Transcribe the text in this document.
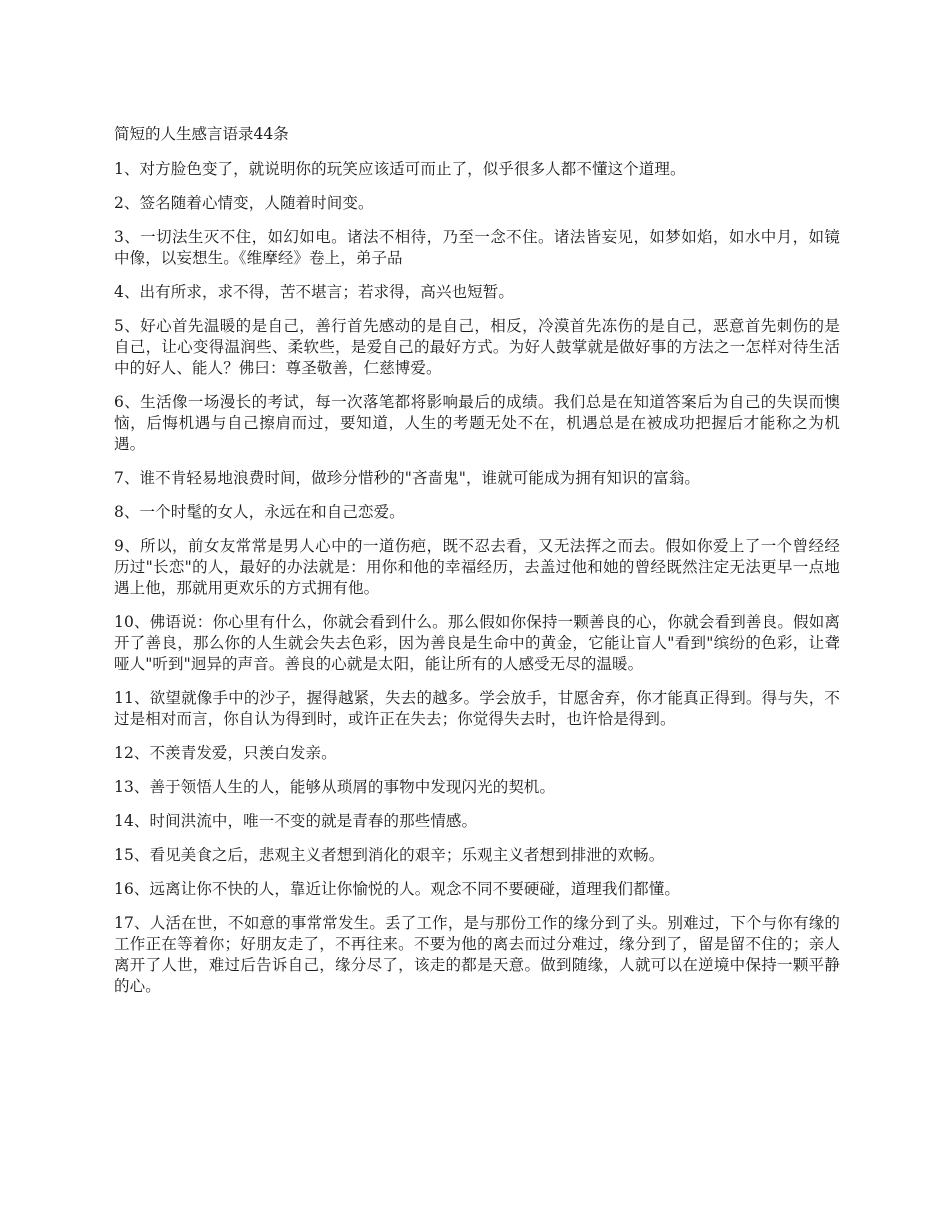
简短的人生感言语录44条

1、对方脸色变了，就说明你的玩笑应该适可而止了，似乎很多人都不懂这个道理。

2、签名随着心情变，人随着时间变。

3、一切法生灭不住，如幻如电。诸法不相待，乃至一念不住。诸法皆妄见，如梦如焰，如水中月，如镜中像，以妄想生。《维摩经》卷上，弟子品

4、出有所求，求不得，苦不堪言；若求得，高兴也短暂。

5、好心首先温暖的是自己，善行首先感动的是自己，相反，冷漠首先冻伤的是自己，恶意首先刺伤的是自己，让心变得温润些、柔软些，是爱自己的最好方式。为好人鼓掌就是做好事的方法之一怎样对待生活中的好人、能人？佛曰：尊圣敬善，仁慈博爱。

6、生活像一场漫长的考试，每一次落笔都将影响最后的成绩。我们总是在知道答案后为自己的失误而懊恼，后悔机遇与自己擦肩而过，要知道，人生的考题无处不在，机遇总是在被成功把握后才能称之为机遇。

7、谁不肯轻易地浪费时间，做珍分惜秒的"吝啬鬼"，谁就可能成为拥有知识的富翁。

8、一个时髦的女人，永远在和自己恋爱。

9、所以，前女友常常是男人心中的一道伤疤，既不忍去看，又无法挥之而去。假如你爱上了一个曾经经历过"长恋"的人，最好的办法就是：用你和他的幸福经历，去盖过他和她的曾经既然注定无法更早一点地遇上他，那就用更欢乐的方式拥有他。

10、佛语说：你心里有什么，你就会看到什么。那么假如你保持一颗善良的心，你就会看到善良。假如离开了善良，那么你的人生就会失去色彩，因为善良是生命中的黄金，它能让盲人"看到"缤纷的色彩，让聋哑人"听到"迥异的声音。善良的心就是太阳，能让所有的人感受无尽的温暖。

11、欲望就像手中的沙子，握得越紧，失去的越多。学会放手，甘愿舍弃，你才能真正得到。得与失，不过是相对而言，你自认为得到时，或许正在失去；你觉得失去时，也许恰是得到。

12、不羡青发爱，只羡白发亲。

13、善于领悟人生的人，能够从琐屑的事物中发现闪光的契机。

14、时间洪流中，唯一不变的就是青春的那些情感。

15、看见美食之后，悲观主义者想到消化的艰辛；乐观主义者想到排泄的欢畅。

16、远离让你不快的人，靠近让你愉悦的人。观念不同不要硬碰，道理我们都懂。

17、人活在世，不如意的事常常发生。丢了工作，是与那份工作的缘分到了头。别难过，下个与你有缘的工作正在等着你；好朋友走了，不再往来。不要为他的离去而过分难过，缘分到了，留是留不住的；亲人离开了人世，难过后告诉自己，缘分尽了，该走的都是天意。做到随缘，人就可以在逆境中保持一颗平静的心。
